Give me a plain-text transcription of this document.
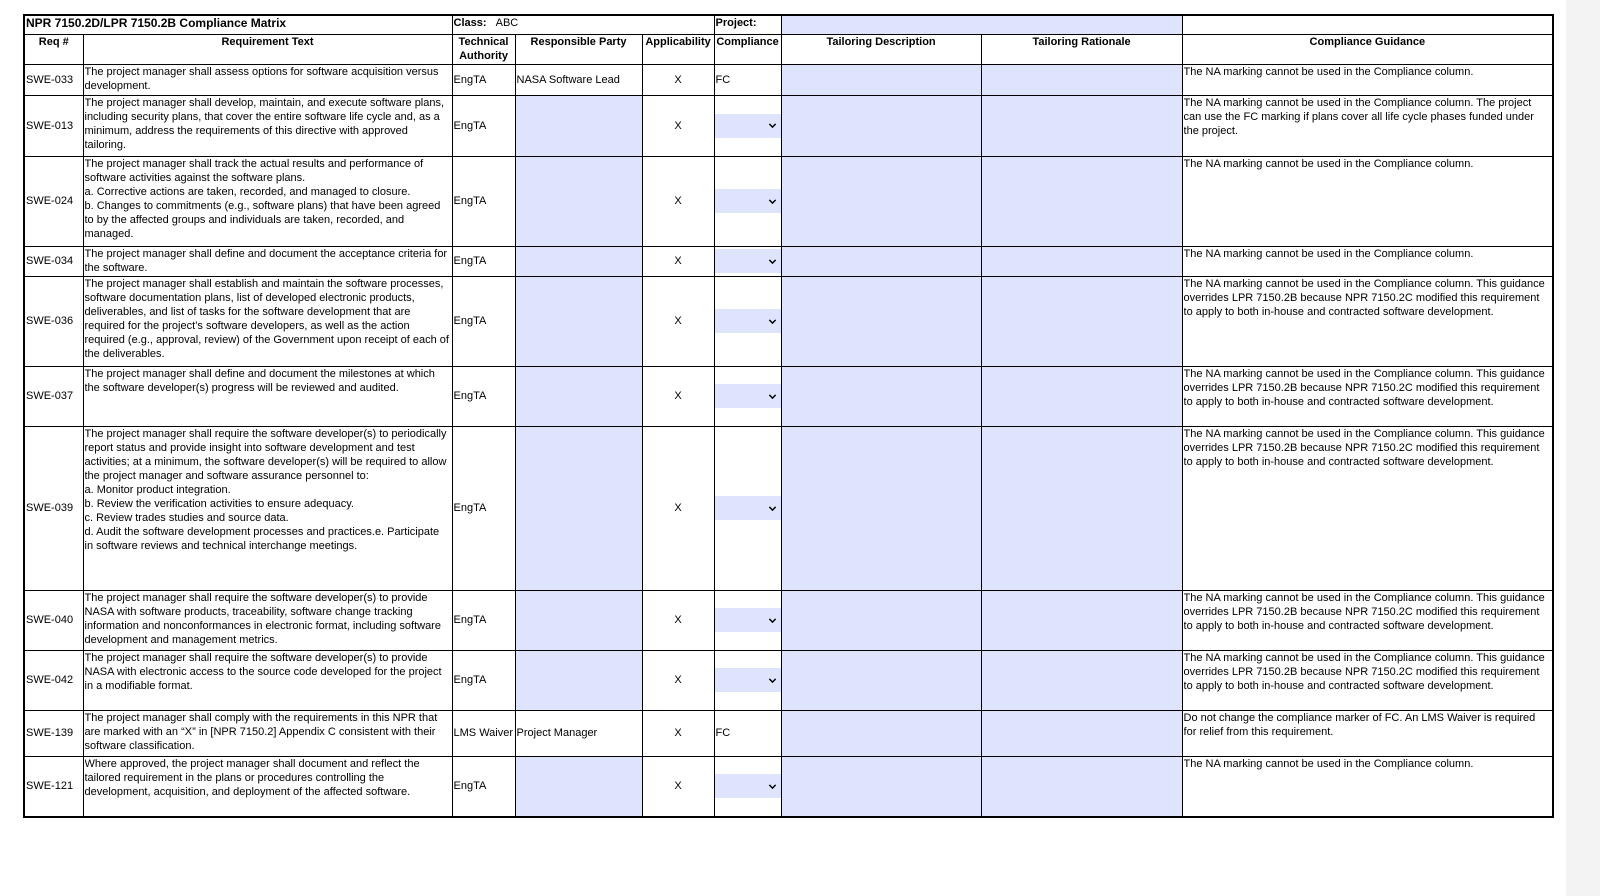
NPR 7150.2D/LPR 7150.2B Compliance Matrix		Class: ABC			Project:			
Req #	Requirement Text	Technical Authority	Responsible Party	Applicability	Compliance	Tailoring Description	Tailoring Rationale	Compliance Guidance
SWE-033	The project manager shall assess options for software acquisition versus development.	EngTA	NASA Software Lead	X	FC			The NA marking cannot be used in the Compliance column.

SWE-013	The project manager shall develop, maintain, and execute software plans, including security plans, that cover the entire software life cycle and, as a minimum, address the requirements of this directive with approved tailoring.	EngTA		X				The NA marking cannot be used in the Compliance column. The project can use the FC marking if plans cover all life cycle phases funded under the project.

SWE-024	The project manager shall track the actual results and performance of software activities against the software plans.
a. Corrective actions are taken, recorded, and managed to closure.
b. Changes to commitments (e.g., software plans) that have been agreed to by the affected groups and individuals are taken, recorded, and managed.	EngTA		X				The NA marking cannot be used in the Compliance column.

SWE-034	The project manager shall define and document the acceptance criteria for the software.	EngTA		X				The NA marking cannot be used in the Compliance column.

SWE-036	The project manager shall establish and maintain the software processes, software documentation plans, list of developed electronic products, deliverables, and list of tasks for the software development that are required for the project’s software developers, as well as the action required (e.g., approval, review) of the Government upon receipt of each of the deliverables.	EngTA		X				The NA marking cannot be used in the Compliance column. This guidance overrides LPR 7150.2B because NPR 7150.2C modified this requirement to apply to both in-house and contracted software development.

SWE-037	The project manager shall define and document the milestones at which the software developer(s) progress will be reviewed and audited.	EngTA		X				The NA marking cannot be used in the Compliance column. This guidance overrides LPR 7150.2B because NPR 7150.2C modified this requirement to apply to both in-house and contracted software development.

SWE-039	The project manager shall require the software developer(s) to periodically report status and provide insight into software development and test activities; at a minimum, the software developer(s) will be required to allow the project manager and software assurance personnel to:
a. Monitor product integration.
b. Review the verification activities to ensure adequacy.
c. Review trades studies and source data.
d. Audit the software development processes and practices.e. Participate in software reviews and technical interchange meetings.	EngTA		X				The NA marking cannot be used in the Compliance column. This guidance overrides LPR 7150.2B because NPR 7150.2C modified this requirement to apply to both in-house and contracted software development.

SWE-040	The project manager shall require the software developer(s) to provide NASA with software products, traceability, software change tracking information and nonconformances in electronic format, including software development and management metrics.	EngTA		X				The NA marking cannot be used in the Compliance column. This guidance overrides LPR 7150.2B because NPR 7150.2C modified this requirement to apply to both in-house and contracted software development.

SWE-042	The project manager shall require the software developer(s) to provide NASA with electronic access to the source code developed for the project in a modifiable format.	EngTA		X				The NA marking cannot be used in the Compliance column. This guidance overrides LPR 7150.2B because NPR 7150.2C modified this requirement to apply to both in-house and contracted software development.

SWE-139	The project manager shall comply with the requirements in this NPR that are marked with an “X” in [NPR 7150.2] Appendix C consistent with their software classification.	LMS Waiver	Project Manager	X	FC			Do not change the compliance marker of FC. An LMS Waiver is required for relief from this requirement.

SWE-121	Where approved, the project manager shall document and reflect the tailored requirement in the plans or procedures controlling the development, acquisition, and deployment of the affected software.	EngTA		X				The NA marking cannot be used in the Compliance column.
